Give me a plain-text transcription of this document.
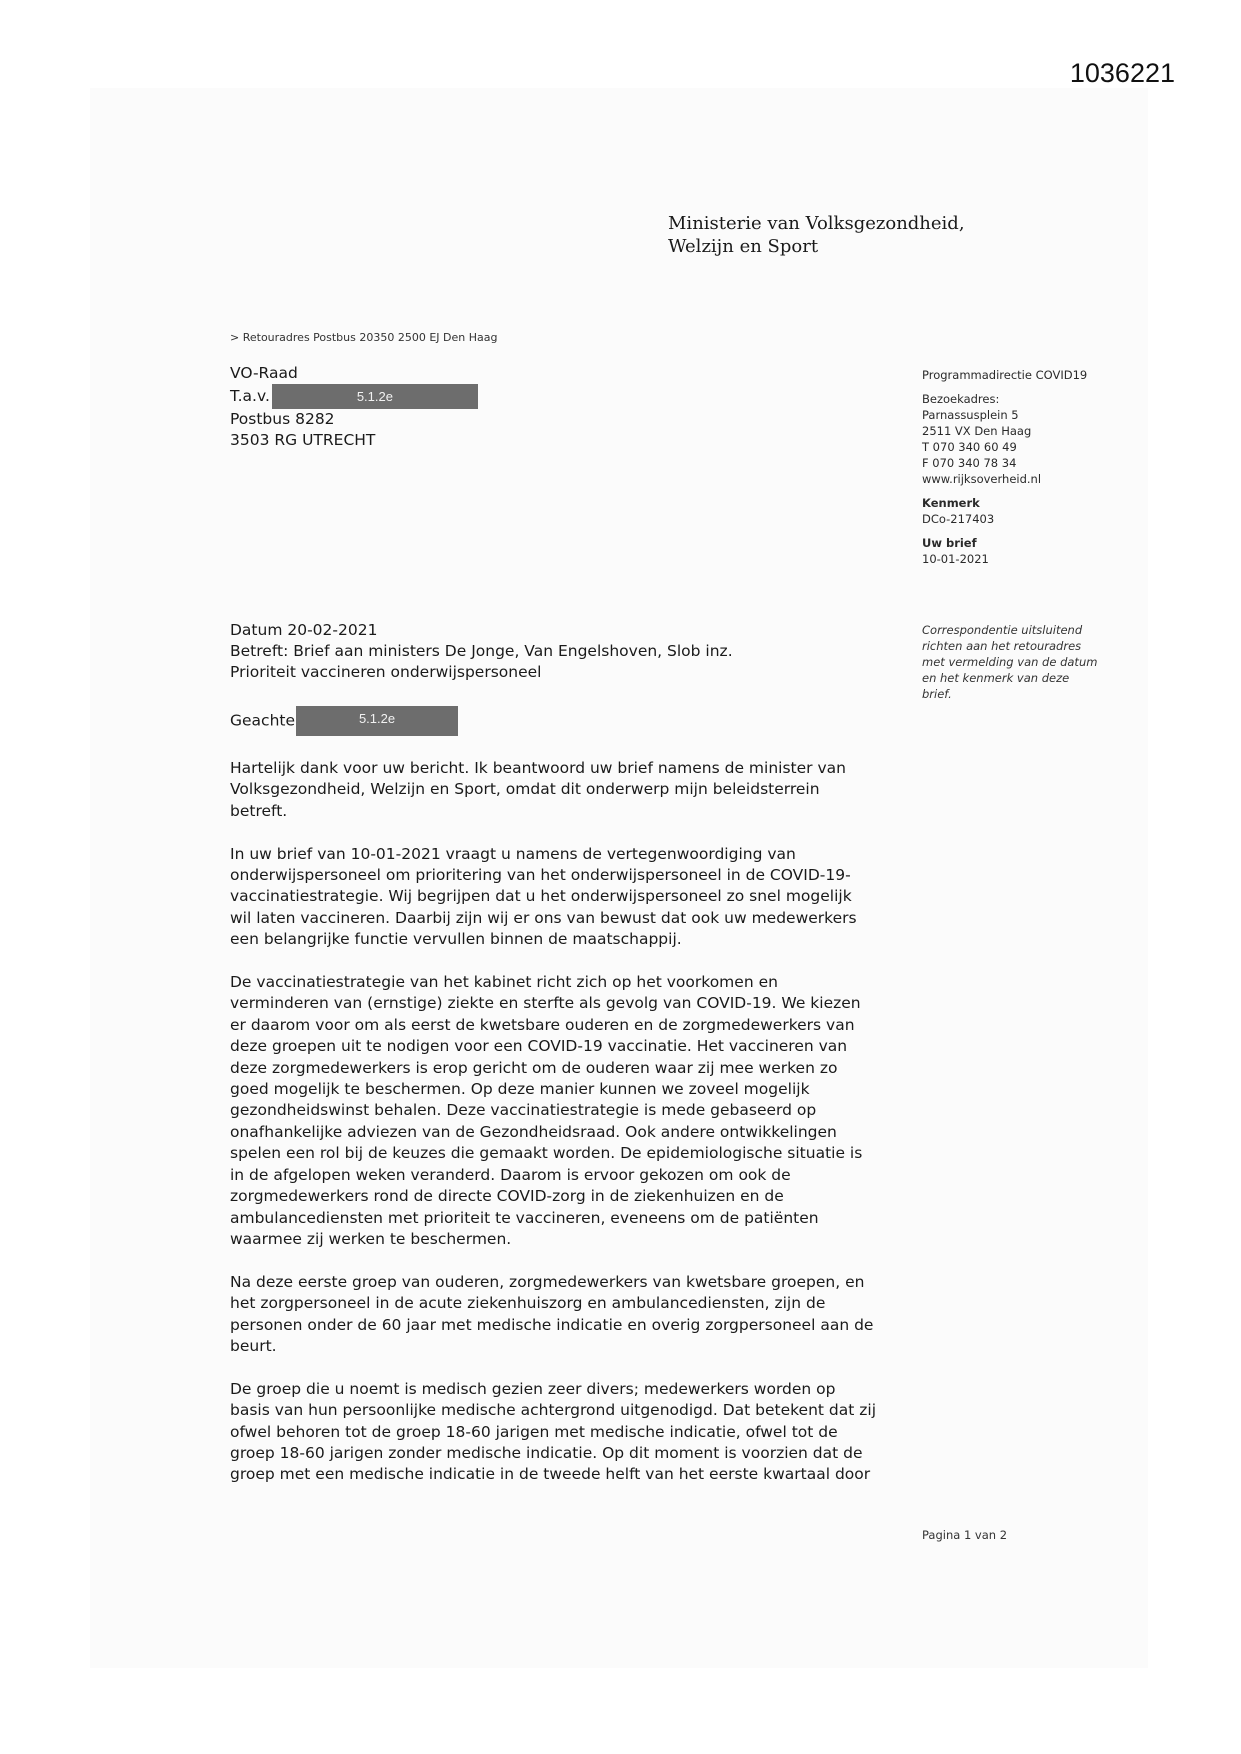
1036221
Ministerie van Volksgezondheid,
Welzijn en Sport
> Retouradres Postbus 20350 2500 EJ Den Haag
VO-Raad
T.a.v.	5.1.2e
Postbus 8282
3503 RG UTRECHT
Programmadirectie COVID19
Bezoekadres:
Parnassusplein 5
2511 VX Den Haag
T 070 340 60 49
F 070 340 78 34
www.rijksoverheid.nl
Kenmerk
DCo-217403
Uw brief
10-01-2021
Correspondentie uitsluitend
richten aan het retouradres
met vermelding van de datum
en het kenmerk van deze
brief.
Datum 20-02-2021
Betreft: Brief aan ministers De Jonge, Van Engelshoven, Slob inz.
Prioriteit vaccineren onderwijspersoneel
Geachte	5.1.2e

Hartelijk dank voor uw bericht. Ik beantwoord uw brief namens de minister van
Volksgezondheid, Welzijn en Sport, omdat dit onderwerp mijn beleidsterrein
betreft.

In uw brief van 10-01-2021 vraagt u namens de vertegenwoordiging van
onderwijspersoneel om prioritering van het onderwijspersoneel in de COVID-19-
vaccinatiestrategie. Wij begrijpen dat u het onderwijspersoneel zo snel mogelijk
wil laten vaccineren. Daarbij zijn wij er ons van bewust dat ook uw medewerkers
een belangrijke functie vervullen binnen de maatschappij.

De vaccinatiestrategie van het kabinet richt zich op het voorkomen en
verminderen van (ernstige) ziekte en sterfte als gevolg van COVID-19. We kiezen
er daarom voor om als eerst de kwetsbare ouderen en de zorgmedewerkers van
deze groepen uit te nodigen voor een COVID-19 vaccinatie. Het vaccineren van
deze zorgmedewerkers is erop gericht om de ouderen waar zij mee werken zo
goed mogelijk te beschermen. Op deze manier kunnen we zoveel mogelijk
gezondheidswinst behalen. Deze vaccinatiestrategie is mede gebaseerd op
onafhankelijke adviezen van de Gezondheidsraad. Ook andere ontwikkelingen
spelen een rol bij de keuzes die gemaakt worden. De epidemiologische situatie is
in de afgelopen weken veranderd. Daarom is ervoor gekozen om ook de
zorgmedewerkers rond de directe COVID-zorg in de ziekenhuizen en de
ambulancediensten met prioriteit te vaccineren, eveneens om de patiënten
waarmee zij werken te beschermen.

Na deze eerste groep van ouderen, zorgmedewerkers van kwetsbare groepen, en
het zorgpersoneel in de acute ziekenhuiszorg en ambulancediensten, zijn de
personen onder de 60 jaar met medische indicatie en overig zorgpersoneel aan de
beurt.

De groep die u noemt is medisch gezien zeer divers; medewerkers worden op
basis van hun persoonlijke medische achtergrond uitgenodigd. Dat betekent dat zij
ofwel behoren tot de groep 18-60 jarigen met medische indicatie, ofwel tot de
groep 18-60 jarigen zonder medische indicatie. Op dit moment is voorzien dat de
groep met een medische indicatie in de tweede helft van het eerste kwartaal door

Pagina 1 van 2
